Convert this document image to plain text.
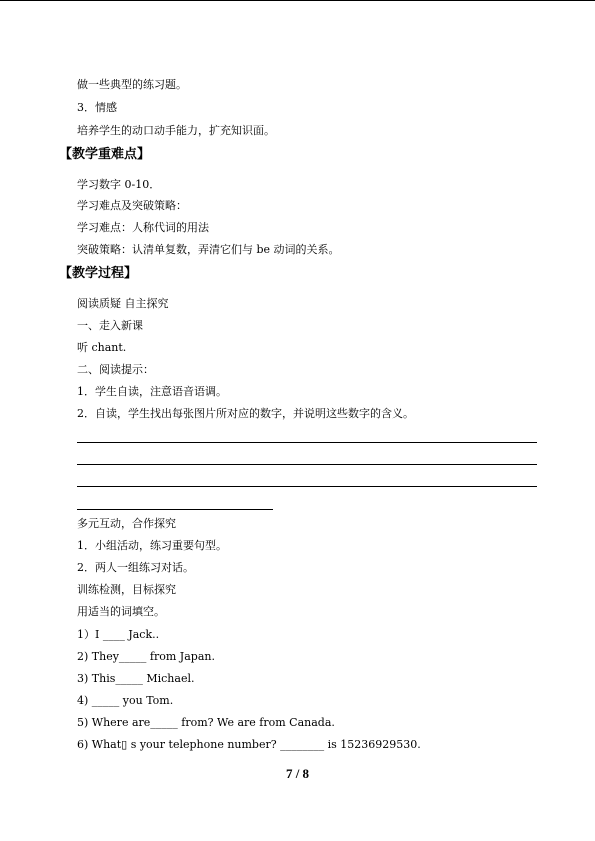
做一些典型的练习题。
3．情感
培养学生的动口动手能力，扩充知识面。
【教学重难点】
学习数字 0-10．
学习难点及突破策略：
学习难点：人称代词的用法
突破策略：认清单复数，弄清它们与 be 动词的关系。
【教学过程】
阅读质疑 自主探究
一、走入新课
听 chant.
二、阅读提示：
1．学生自读，注意语音语调。
2．自读，学生找出每张图片所对应的数字，并说明这些数字的含义。
多元互动，合作探究
1．小组活动，练习重要句型。
2．两人一组练习对话。
训练检测，目标探究
用适当的词填空。
1）I ____ Jack..
2) They_____ from Japan.
3) This_____ Michael.
4) _____ you Tom.
5) Where are_____ from? We are from Canada.
6) What▯ s your telephone number? ________ is 15236929530.
7 / 8
